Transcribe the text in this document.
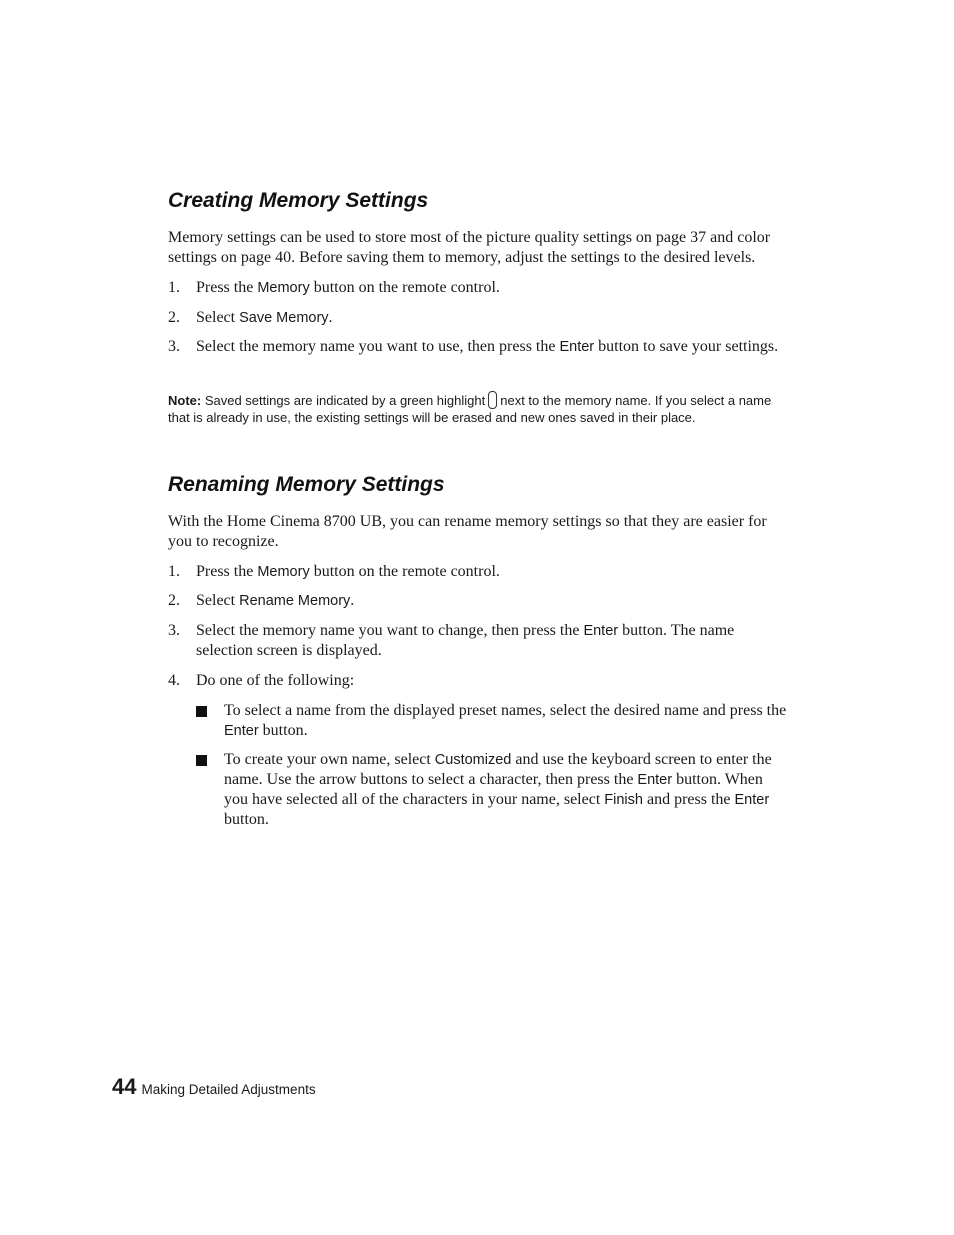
Creating Memory Settings

Memory settings can be used to store most of the picture quality settings on page 37 and color settings on page 40. Before saving them to memory, adjust the settings to the desired levels.

1. Press the Memory button on the remote control.
2. Select Save Memory.
3. Select the memory name you want to use, then press the Enter button to save your settings.

Note: Saved settings are indicated by a green highlight next to the memory name. If you select a name that is already in use, the existing settings will be erased and new ones saved in their place.

Renaming Memory Settings

With the Home Cinema 8700 UB, you can rename memory settings so that they are easier for you to recognize.

1. Press the Memory button on the remote control.
2. Select Rename Memory.
3. Select the memory name you want to change, then press the Enter button. The name selection screen is displayed.
4. Do one of the following:
To select a name from the displayed preset names, select the desired name and press the Enter button.
To create your own name, select Customized and use the keyboard screen to enter the name. Use the arrow buttons to select a character, then press the Enter button. When you have selected all of the characters in your name, select Finish and press the Enter button.
44 Making Detailed Adjustments
